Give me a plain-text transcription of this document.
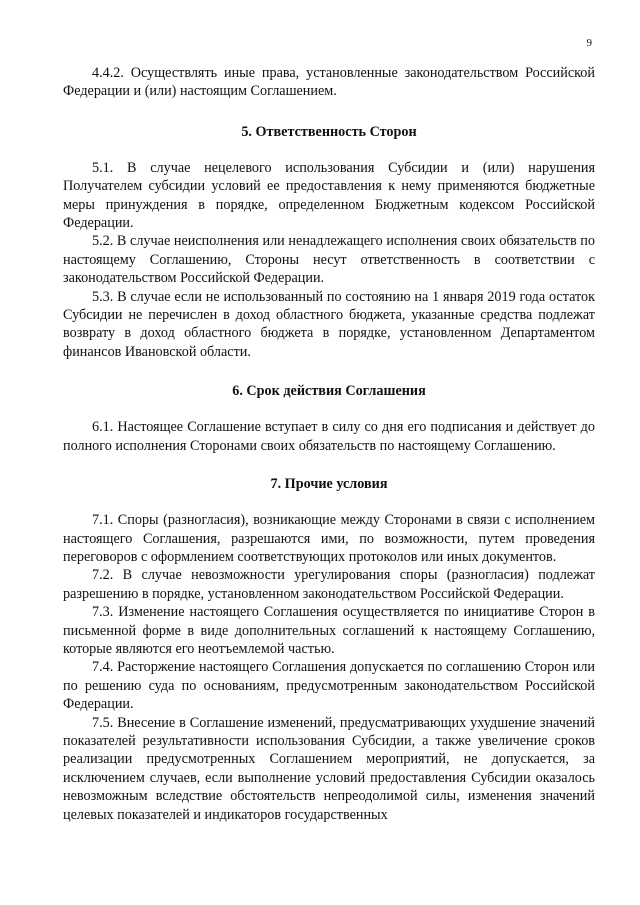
9

4.4.2. Осуществлять иные права, установленные законодательством Российской Федерации и (или) настоящим Соглашением.

5. Ответственность Сторон

5.1. В случае нецелевого использования Субсидии и (или) нарушения Получателем субсидии условий ее предоставления к нему применяются бюджетные меры принуждения в порядке, определенном Бюджетным кодексом Российской Федерации.

5.2. В случае неисполнения или ненадлежащего исполнения своих обязательств по настоящему Соглашению, Стороны несут ответственность в соответствии с законодательством Российской Федерации.

5.3. В случае если не использованный по состоянию на 1 января 2019 года остаток Субсидии не перечислен в доход областного бюджета, указанные средства подлежат возврату в доход областного бюджета в порядке, установленном Департаментом финансов Ивановской области.

6. Срок действия Соглашения

6.1. Настоящее Соглашение вступает в силу со дня его подписания и действует до полного исполнения Сторонами своих обязательств по настоящему Соглашению.

7. Прочие условия

7.1. Споры (разногласия), возникающие между Сторонами в связи с исполнением настоящего Соглашения, разрешаются ими, по возможности, путем проведения переговоров с оформлением соответствующих протоколов или иных документов.

7.2. В случае невозможности урегулирования споры (разногласия) подлежат разрешению в порядке, установленном законодательством Российской Федерации.

7.3. Изменение настоящего Соглашения осуществляется по инициативе Сторон в письменной форме в виде дополнительных соглашений к настоящему Соглашению, которые являются его неотъемлемой частью.

7.4. Расторжение настоящего Соглашения допускается по соглашению Сторон или по решению суда по основаниям, предусмотренным законодательством Российской Федерации.

7.5. Внесение в Соглашение изменений, предусматривающих ухудшение значений показателей результативности использования Субсидии, а также увеличение сроков реализации предусмотренных Соглашением мероприятий, не допускается, за исключением случаев, если выполнение условий предоставления Субсидии оказалось невозможным вследствие обстоятельств непреодолимой силы, изменения значений целевых показателей и индикаторов государственных
